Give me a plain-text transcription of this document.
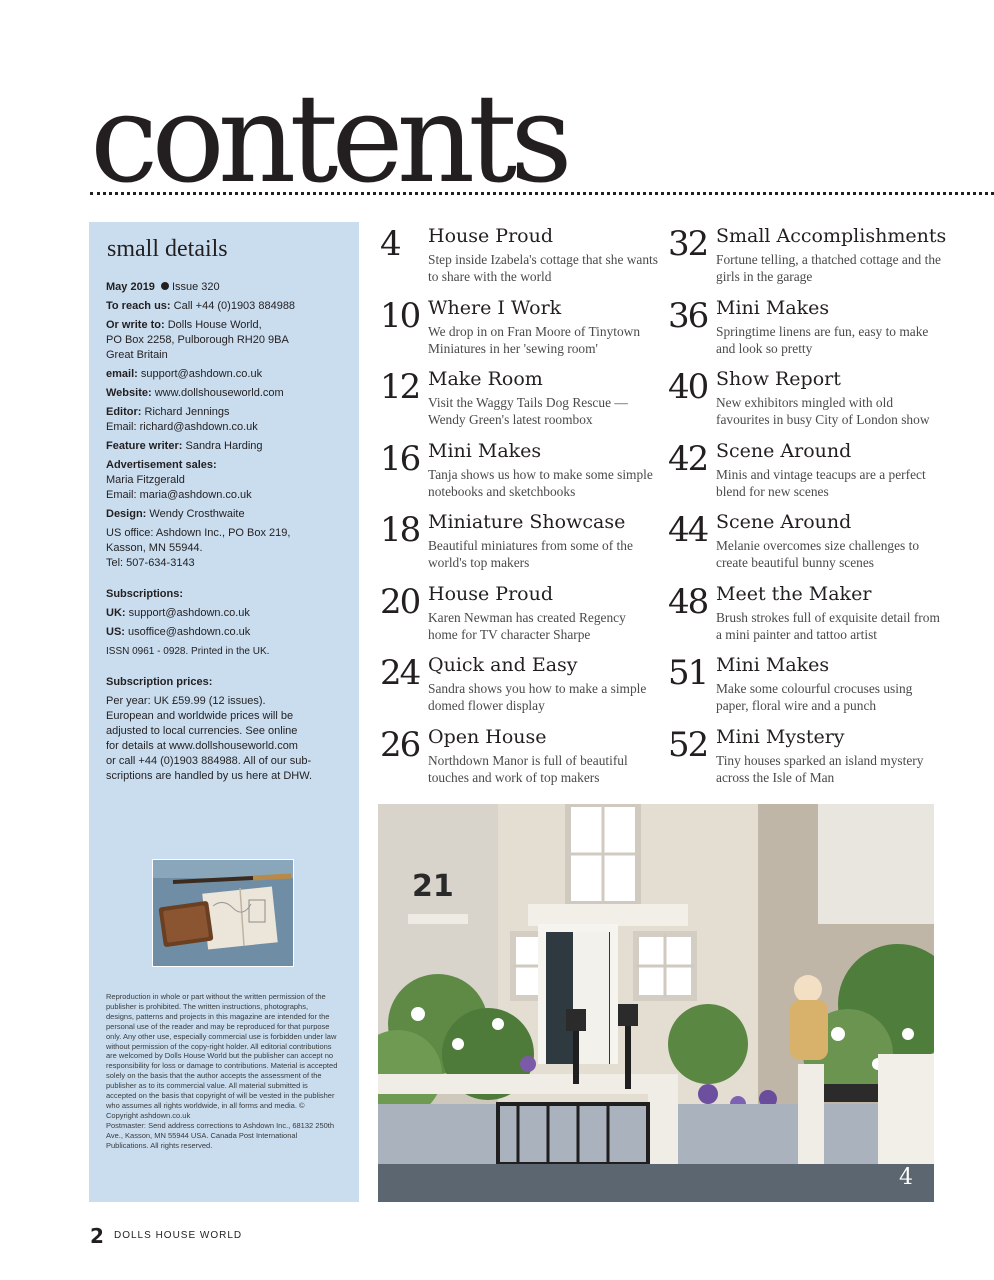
contents
small details

May 2019 Issue 320

To reach us: Call +44 (0)1903 884988

Or write to: Dolls House World,
PO Box 2258, Pulborough RH20 9BA
Great Britain

email: support@ashdown.co.uk

Website: www.dollshouseworld.com

Editor: Richard Jennings
Email: richard@ashdown.co.uk

Feature writer: Sandra Harding

Advertisement sales:
Maria Fitzgerald
Email: maria@ashdown.co.uk

Design: Wendy Crosthwaite

US office: Ashdown Inc., PO Box 219,
Kasson, MN 55944.
Tel: 507-634-3143

Subscriptions:

UK: support@ashdown.co.uk

US: usoffice@ashdown.co.uk

ISSN 0961 - 0928. Printed in the UK.

Subscription prices:

Per year: UK £59.99 (12 issues).
European and worldwide prices will be
adjusted to local currencies. See online
for details at www.dollshouseworld.com
or call +44 (0)1903 884988. All of our sub-
scriptions are handled by us here at DHW.

Reproduction in whole or part without the written permission of the publisher is prohibited. The written instructions, photographs, designs, patterns and projects in this magazine are intended for the personal use of the reader and may be reproduced for that purpose only. Any other use, especially commercial use is forbidden under law without permission of the copy-right holder. All editorial contributions are welcomed by Dolls House World but the publisher can accept no responsibility for loss or damage to contributions. Material is accepted solely on the basis that the author accepts the assessment of the publisher as to its commercial value. All material submitted is accepted on the basis that copyright of will be vested in the publisher who assumes all rights worldwide, in all forms and media. © Copyright ashdown.co.uk

Postmaster: Send address corrections to Ashdown Inc., 68132 250th Ave., Kasson, MN 55944 USA. Canada Post International Publications. All rights reserved.

4 House Proud

Step inside Izabela's cottage that she wants to share with the world

10 Where I Work

We drop in on Fran Moore of Tinytown Miniatures in her 'sewing room'

12 Make Room

Visit the Waggy Tails Dog Rescue — Wendy Green's latest roombox

16 Mini Makes

Tanja shows us how to make some simple notebooks and sketchbooks

18 Miniature Showcase

Beautiful miniatures from some of the world's top makers

20 House Proud

Karen Newman has created Regency home for TV character Sharpe

24 Quick and Easy

Sandra shows you how to make a simple domed flower display

26 Open House

Northdown Manor is full of beautiful touches and work of top makers

32 Small Accomplishments

Fortune telling, a thatched cottage and the girls in the garage

36 Mini Makes

Springtime linens are fun, easy to make and look so pretty

40 Show Report

New exhibitors mingled with old favourites in busy City of London show

42 Scene Around

Minis and vintage teacups are a perfect blend for new scenes

44 Scene Around

Melanie overcomes size challenges to create beautiful bunny scenes

48 Meet the Maker

Brush strokes full of exquisite detail from a mini painter and tattoo artist

51 Mini Makes

Make some colourful crocuses using paper, floral wire and a punch

52 Mini Mystery

Tiny houses sparked an island mystery across the Isle of Man

21
4
2 DOLLS HOUSE WORLD
